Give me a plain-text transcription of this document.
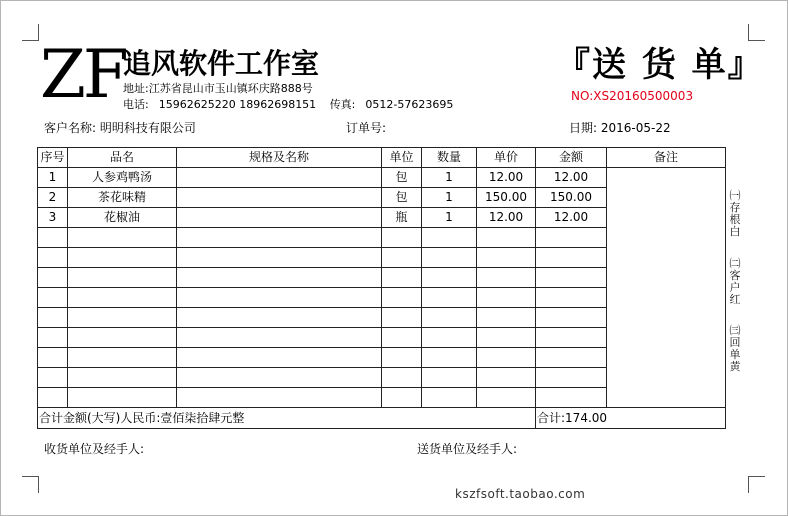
ZF
追风软件工作室
地址:江苏省昆山市玉山镇环庆路888号
电话: 15962625220 18962698151 传真: 0512-57623695
『送 货 单』
NO:XS20160500003
客户名称: 明明科技有限公司	订单号:	日期: 2016-05-22
序号	品名	规格及名称	单位	数量	单价	金额	备注
1	人参鸡鸭汤		包	1	12.00	12.00	
2	茶花味精		包	1	150.00	150.00	
3	花椒油		瓶	1	12.00	12.00	

合计金额(大写)人民币:壹佰柒拾肆元整						合计:174.00	
㈠
存根白
㈡
客户红
㈢
回单黄
收货单位及经手人:	送货单位及经手人:
kszfsoft.taobao.com
